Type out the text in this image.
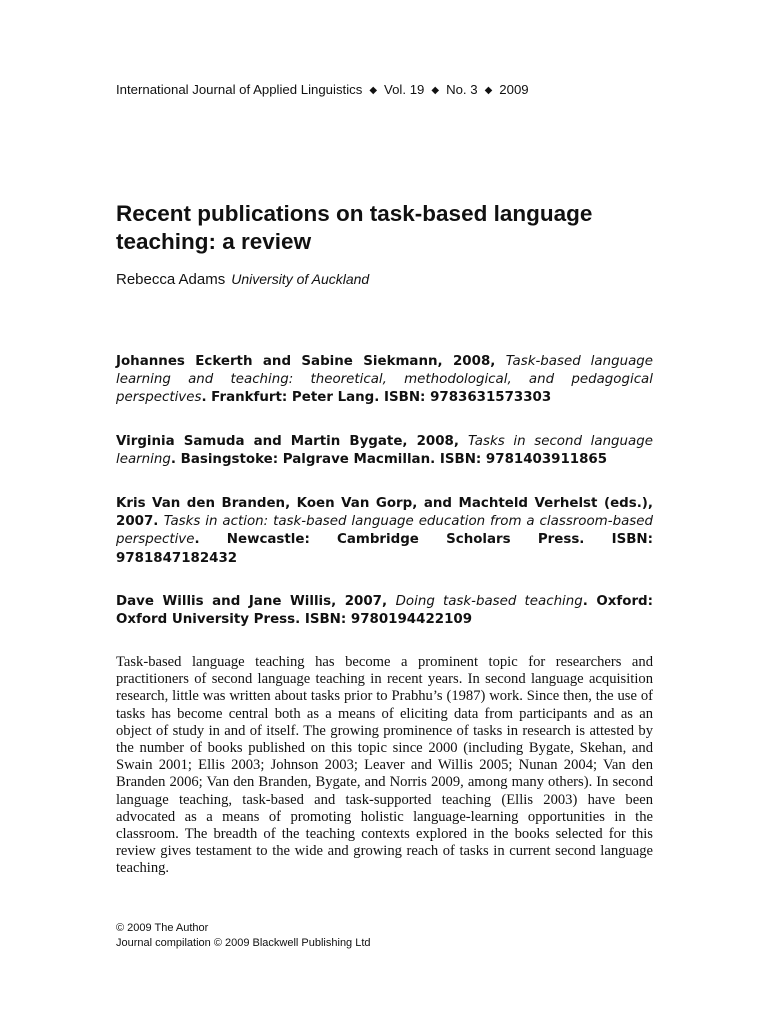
International Journal of Applied Linguistics ◆ Vol. 19 ◆ No. 3 ◆ 2009
Recent publications on task-based language teaching: a review
Rebecca Adams University of Auckland

Johannes Eckerth and Sabine Siekmann, 2008, Task-based language learning and teaching: theoretical, methodological, and pedagogical perspectives. Frankfurt: Peter Lang. ISBN: 9783631573303

Virginia Samuda and Martin Bygate, 2008, Tasks in second language learning. Basingstoke: Palgrave Macmillan. ISBN: 9781403911865

Kris Van den Branden, Koen Van Gorp, and Machteld Verhelst (eds.), 2007. Tasks in action: task-based language education from a classroom-based perspective. Newcastle: Cambridge Scholars Press. ISBN: 9781847182432

Dave Willis and Jane Willis, 2007, Doing task-based teaching. Oxford: Oxford University Press. ISBN: 9780194422109

Task-based language teaching has become a prominent topic for researchers and practitioners of second language teaching in recent years. In second language acquisition research, little was written about tasks prior to Prabhu’s (1987) work. Since then, the use of tasks has become central both as a means of eliciting data from participants and as an object of study in and of itself. The growing prominence of tasks in research is attested by the number of books published on this topic since 2000 (including Bygate, Skehan, and Swain 2001; Ellis 2003; Johnson 2003; Leaver and Willis 2005; Nunan 2004; Van den Branden 2006; Van den Branden, Bygate, and Norris 2009, among many others). In second language teaching, task-based and task-supported teaching (Ellis 2003) have been advocated as a means of promoting holistic language-learning opportunities in the classroom. The breadth of the teaching contexts explored in the books selected for this review gives testament to the wide and growing reach of tasks in current second language teaching.

© 2009 The Author
Journal compilation © 2009 Blackwell Publishing Ltd
